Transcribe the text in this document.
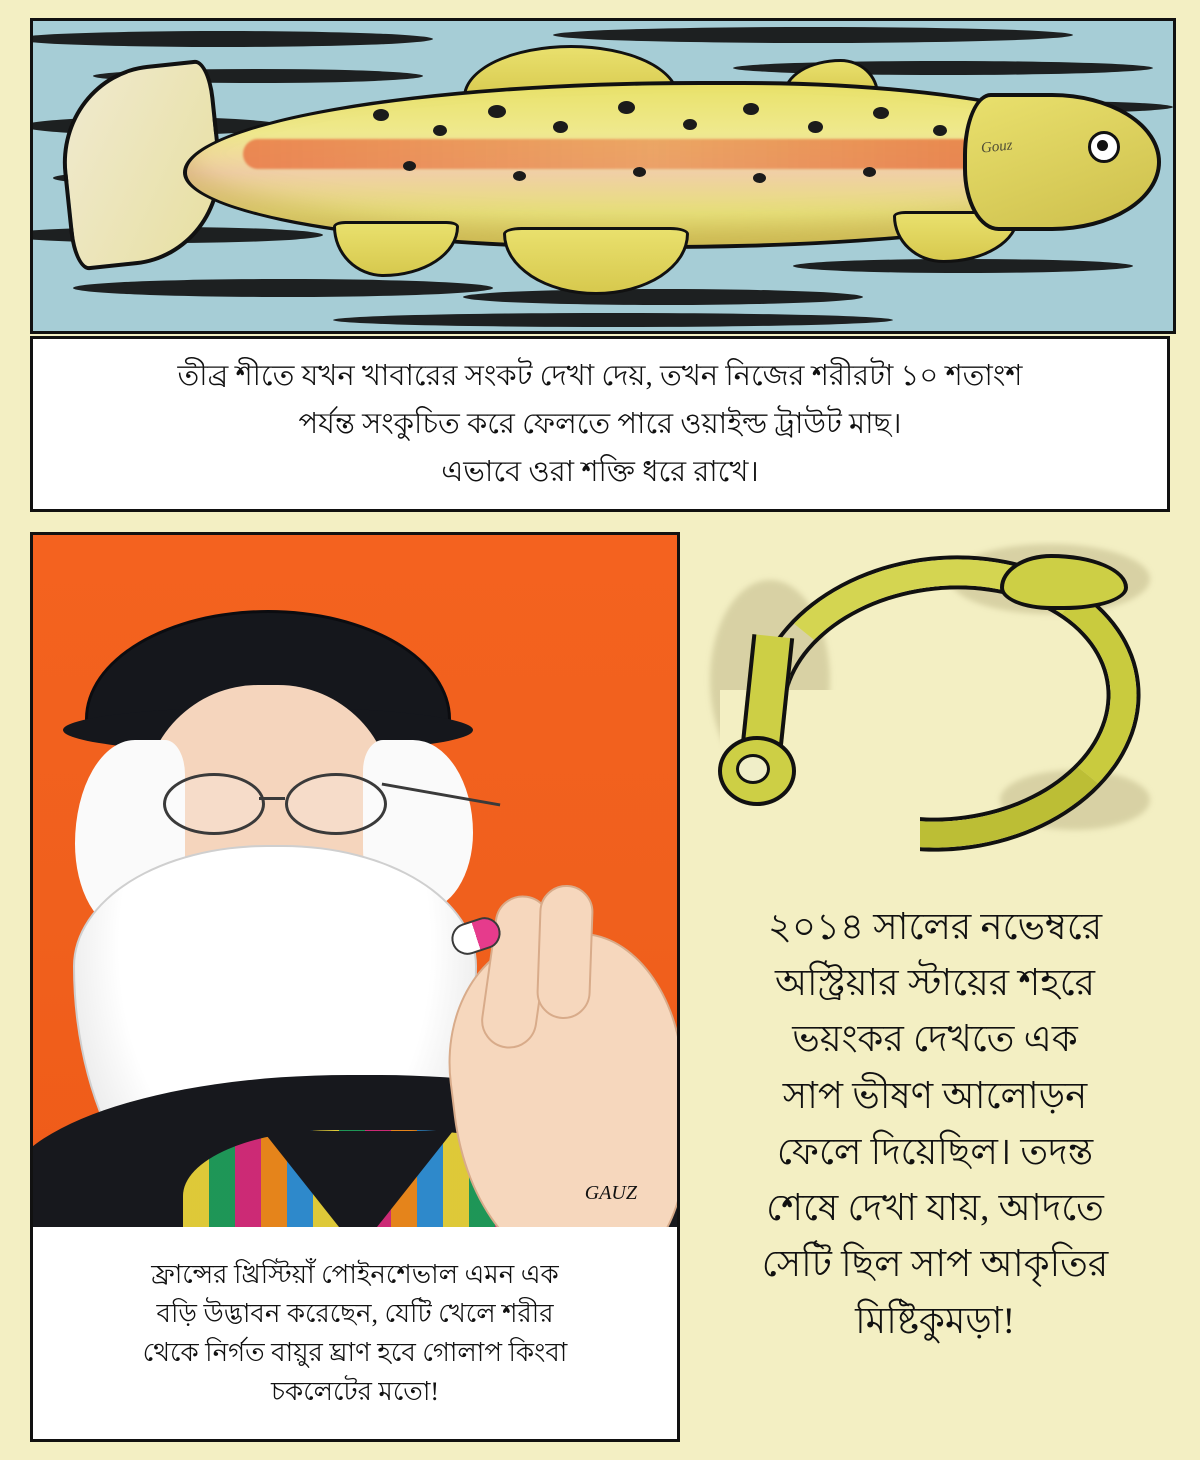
Gouz
তীব্র শীতে যখন খাবারের সংকট দেখা দেয়, তখন নিজের শরীরটা ১০ শতাংশ
পর্যন্ত সংকুচিত করে ফেলতে পারে ওয়াইল্ড ট্রাউট মাছ।
এভাবে ওরা শক্তি ধরে রাখে।
GAUZ
ফ্রান্সের খ্রিস্টিয়াঁ পোইনশেভাল এমন এক
বড়ি উদ্ভাবন করেছেন, যেটি খেলে শরীর
থেকে নির্গত বায়ুর ঘ্রাণ হবে গোলাপ কিংবা
চকলেটের মতো!
২০১৪ সালের নভেম্বরে
অস্ট্রিয়ার স্টায়ের শহরে
ভয়ংকর দেখতে এক
সাপ ভীষণ আলোড়ন
ফেলে দিয়েছিল। তদন্ত
শেষে দেখা যায়, আদতে
সেটি ছিল সাপ আকৃতির
মিষ্টিকুমড়া!
